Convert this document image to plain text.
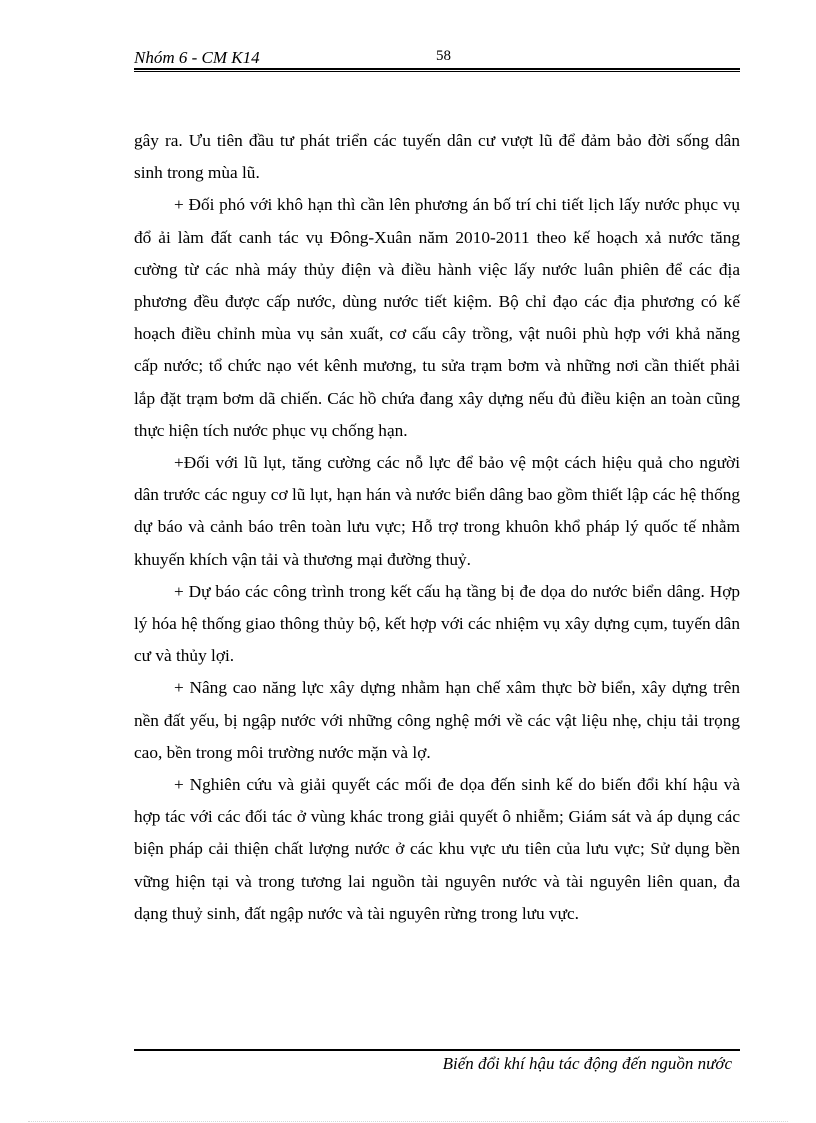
Nhóm 6 - CM K14	58

gây ra. Ưu tiên đầu tư phát triển các tuyến dân cư vượt lũ để đảm bảo đời sống dân sinh trong mùa lũ.

+ Đối phó với khô hạn thì cần lên phương án bố trí chi tiết lịch lấy nước phục vụ đổ ải làm đất canh tác vụ Đông-Xuân năm 2010-2011 theo kế hoạch xả nước tăng cường từ các nhà máy thủy điện và điều hành việc lấy nước luân phiên để các địa phương đều được cấp nước, dùng nước tiết kiệm. Bộ chỉ đạo các địa phương có kế hoạch điều chỉnh mùa vụ sản xuất, cơ cấu cây trồng, vật nuôi phù hợp với khả năng cấp nước; tổ chức nạo vét kênh mương, tu sửa trạm bơm và những nơi cần thiết phải lắp đặt trạm bơm dã chiến. Các hồ chứa đang xây dựng nếu đủ điều kiện an toàn cũng thực hiện tích nước phục vụ chống hạn.

+Đối với lũ lụt, tăng cường các nỗ lực để bảo vệ một cách hiệu quả cho người dân trước các nguy cơ lũ lụt, hạn hán và nước biển dâng bao gồm thiết lập các hệ thống dự báo và cảnh báo trên toàn lưu vực; Hỗ trợ trong khuôn khổ pháp lý quốc tế nhằm khuyến khích vận tải và thương mại đường thuỷ.

+ Dự báo các công trình trong kết cấu hạ tầng bị đe dọa do nước biển dâng. Hợp lý hóa hệ thống giao thông thủy bộ, kết hợp với các nhiệm vụ xây dựng cụm, tuyến dân cư và thủy lợi.

+ Nâng cao năng lực xây dựng nhằm hạn chế xâm thực bờ biển, xây dựng trên nền đất yếu, bị ngập nước với những công nghệ mới về các vật liệu nhẹ, chịu tải trọng cao, bền trong môi trường nước mặn và lợ.

+ Nghiên cứu và giải quyết các mối đe dọa đến sinh kế do biến đổi khí hậu và hợp tác với các đối tác ở vùng khác trong giải quyết ô nhiễm; Giám sát và áp dụng các biện pháp cải thiện chất lượng nước ở các khu vực ưu tiên của lưu vực; Sử dụng bền vững hiện tại và trong tương lai nguồn tài nguyên nước và tài nguyên liên quan, đa dạng thuỷ sinh, đất ngập nước và tài nguyên rừng trong lưu vực.

Biến đổi khí hậu tác động đến nguồn nước
